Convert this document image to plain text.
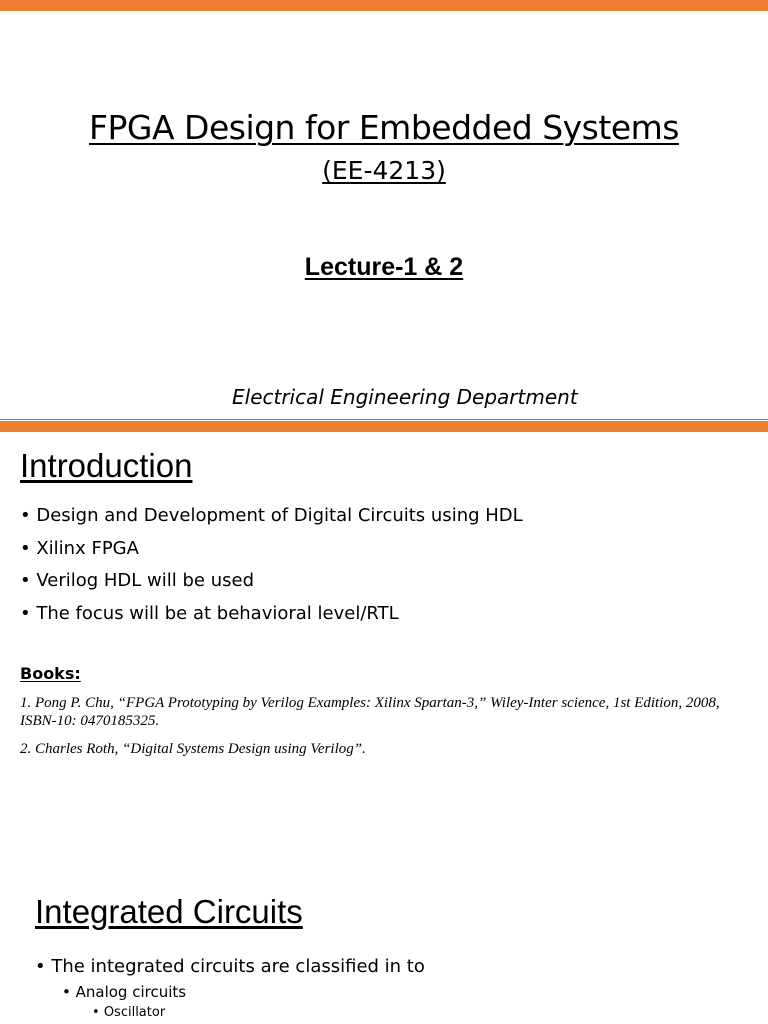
FPGA Design for Embedded Systems
(EE-4213)
Lecture-1 & 2
Electrical Engineering Department
Introduction
• Design and Development of Digital Circuits using HDL
• Xilinx FPGA
• Verilog HDL will be used
• The focus will be at behavioral level/RTL
Books:
1. Pong P. Chu, “FPGA Prototyping by Verilog Examples: Xilinx Spartan-3,” Wiley-Inter science, 1st Edition, 2008, ISBN-10: 0470185325.
2. Charles Roth, “Digital Systems Design using Verilog”.
Integrated Circuits
• The integrated circuits are classified in to
• Analog circuits
• Oscillator
